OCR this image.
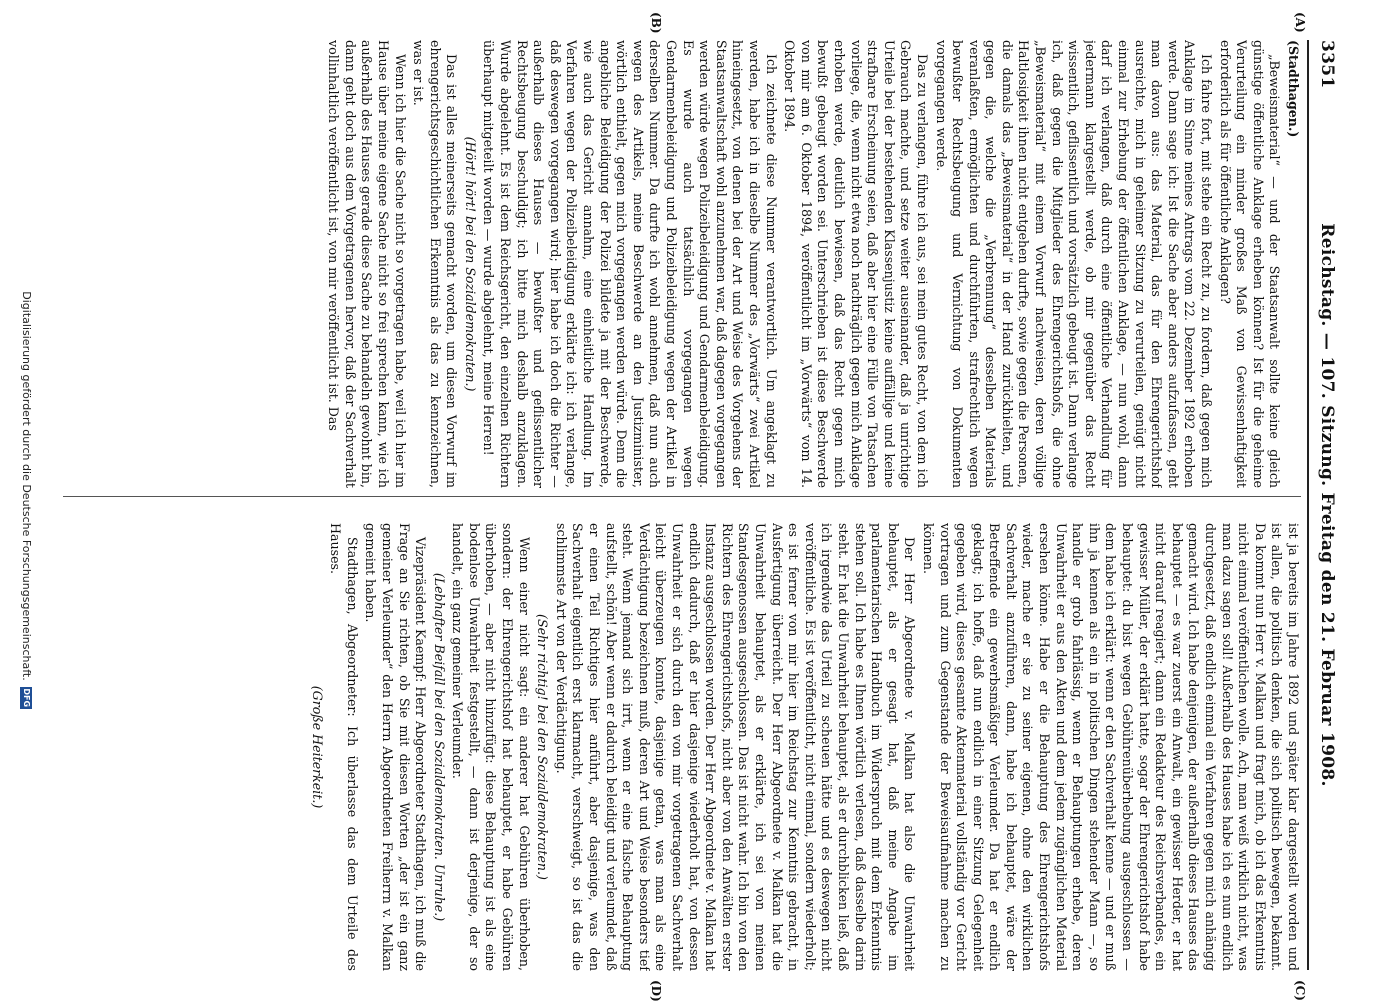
3351
Reichstag. — 107. Sitzung. Freitag den 21. Februar 1908.
(A)
(B)
(C)
(D)

(Stadthagen.)

„Beweismaterial“ — und der Staatsanwalt sollte keine gleich günstige öffentliche Anklage erheben können? Ist für die geheime Verurteilung ein minder großes Maß von Gewissenhaftigkeit erforderlich als für öffentliche Anklagen?

Ich fahre fort, mit stehe ein Recht zu, zu fordern, daß gegen mich Anklage im Sinne meines Antrags vom 22. Dezember 1892 erhoben werde. Dann sage ich: Ist die Sache aber anders aufzufassen, geht man davon aus: das Material, das für den Ehrengerichtshof ausreichte, mich in geheimer Sitzung zu verurteilen, genügt nicht einmal zur Erhebung der öffentlichen Anklage, — nun wohl, dann darf ich verlangen, daß durch eine öffentliche Verhandlung für jedermann klargestellt werde, ob mir gegenüber das Recht wissentlich, geflissentlich und vorsätzlich gebeugt ist. Dann verlange ich, daß gegen die Mitglieder des Ehrengerichtshofs, die ohne „Beweismaterial“ mit einem Vorwurf nachweisen, deren völlige Haltlosigkeit ihnen nicht entgehen durfte, sowie gegen die Personen, die damals das „Beweismaterial“ in der Hand zurückhielten, und gegen die, welche die „Verbrennung“ desselben Materials veranlaßten, ermöglichten und durchführten, strafrechtlich wegen bewußter Rechtsbeugung und Vernichtung von Dokumenten vorgegangen werde.

Das zu verlangen, führe ich aus, sei mein gutes Recht, von dem ich Gebrauch machte, und setze weiter auseinander, daß ja unrichtige Urteile bei der bestehenden Klassenjustiz keine auffällige und keine strafbare Erscheinung seien, daß aber hier eine Fülle von Tatsachen vorliege, die, wenn nicht etwa noch nachträglich gegen mich Anklage erhoben werde, deutlich bewiesen, daß das Recht gegen mich bewußt gebeugt worden sei. Unterschrieben ist diese Beschwerde von mir am 6. Oktober 1894, veröffentlicht im „Vorwärts“ vom 14. Oktober 1894.

Ich zeichnete diese Nummer verantwortlich. Um angeklagt zu werden, habe ich in dieselbe Nummer des „Vorwärts“ zwei Artikel hineingesetzt, von denen bei der Art und Weise des Vorgehens der Staatsanwaltschaft wohl anzunehmen war, daß dagegen vorgegangen werden würde wegen Polizeibeleidigung und Gendarmenbeleidigung. Es wurde auch tatsächlich vorgegangen wegen Gendarmenbeleidigung und Polizeibeleidigung wegen der Artikel in derselben Nummer. Da durfte ich wohl annehmen, daß nun auch wegen des Artikels, meine Beschwerde an den Justizminister, wörtlich enthielt, gegen mich vorgegangen werden würde. Denn die angebliche Beleidigung der Polizei bildete ja mit der Beschwerde, wie auch das Gericht annahm, eine einheitliche Handlung. Im Verfahren wegen der Polizeibeleidigung erklärte ich: ich verlange, daß deswegen vorgegangen wird; hier habe ich doch die Richter — außerhalb dieses Hauses — bewußter und geflissentlicher Rechtsbeugung beschuldigt; ich bitte mich deshalb anzuklagen. Wurde abgelehnt. Es ist dem Reichsgericht, den einzelnen Richtern überhaupt mitgeteilt worden — wurde abgelehnt, meine Herren!

(Hört! hört! bei den Sozialdemokraten.)

Das ist alles meinerseits gemacht worden, um diesen Vorwurf im ehrengerichtsgeschichtlichen Erkenntnis als das zu kennzeichnen, was er ist.

Wenn ich hier die Sache nicht so vorgetragen habe, weil ich hier im Hause über meine eigene Sache nicht so frei sprechen kann, wie ich außerhalb des Hauses gerade diese Sache zu behandeln gewohnt bin, dann geht doch aus dem Vorgetragenen hervor, daß der Sachverhalt vollinhaltlich veröffentlicht ist, von mir veröffentlicht ist. Das

ist ja bereits im Jahre 1892 und später klar dargestellt worden und ist allen, die politisch denken, die sich politisch bewegen, bekannt. Da kommt nun Herr v. Malkan und fragt mich, ob ich das Erkenntnis nicht einmal veröffentlichen wolle. Ach, man weiß wirklich nicht, was man dazu sagen soll! Außerhalb des Hauses habe ich es nun endlich durchgesetzt, daß endlich einmal ein Verfahren gegen mich anhängig gemacht wird. Ich habe denjenigen, der außerhalb dieses Hauses das behauptet — es war zuerst ein Anwalt, ein gewisser Herder, er hat nicht darauf reagiert; dann ein Redakteur des Reichsverbandes, ein gewisser Müller, der erklärt hatte, sogar der Ehrengerichtshof habe behauptet: du bist wegen Gebührenüberhebung ausgeschlossen — dem habe ich erklärt: wenn er den Sachverhalt kenne — und er muß ihn ja kennen als ein in politischen Dingen stehender Mann —, so handle er grob fahrlässig, wenn er Behauptungen erhebe, deren Unwahrheit er aus den Akten und dem jedem zugänglichen Material ersehen könne. Habe er die Behauptung des Ehrengerichtshofs wieder, mache er sie zu seiner eigenen, ohne den wirklichen Sachverhalt anzuführen, dann, habe ich behauptet, wäre der Betreffende ein gewerbsmäßiger Verleumder. Da hat er endlich geklagt; ich hoffe, daß nun endlich in einer Sitzung Gelegenheit gegeben wird, dieses gesamte Aktenmaterial vollständig vor Gericht vortragen und zum Gegenstande der Beweisaufnahme machen zu können.

Der Herr Abgeordnete v. Malkan hat also die Unwahrheit behauptet, als er gesagt hat, daß meine Angabe im parlamentarischen Handbuch im Widerspruch mit dem Erkenntnis stehen soll. Ich habe es Ihnen wörtlich verlesen, daß dasselbe darin steht. Er hat die Unwahrheit behauptet, als er durchblicken ließ, daß ich irgendwie das Urteil zu scheuen hätte und es deswegen nicht veröffentliche. Es ist veröffentlicht, nicht einmal, sondern wiederholt; es ist ferner von mir hier im Reichstag zur Kenntnis gebracht, in Ausfertigung überreicht. Der Herr Abgeordnete v. Malkan hat die Unwahrheit behauptet, als er erklärte, ich sei von meinen Standesgenossen ausgeschlossen. Das ist nicht wahr. Ich bin von den Richtern des Ehrengerichtshofs, nicht aber von den Anwälten erster Instanz ausgeschlossen worden. Der Herr Abgeordnete v. Malkan hat endlich dadurch, daß er hier dasjenige wiederholt hat, von dessen Unwahrheit er sich durch den von mir vorgetragenen Sachverhalt leicht überzeugen konnte, dasjenige getan, was man als eine Verdächtigung bezeichnen muß, deren Art und Weise besonders tief steht. Wenn jemand sich irrt, wenn er eine falsche Behauptung aufstellt, schön! Aber wenn er dadurch beleidigt und verleumdet, daß er einen Teil Richtiges hier anführt, aber dasjenige, was den Sachverhalt eigentlich erst klarmacht, verschweigt, so ist das die schlimmste Art von der Verdächtigung.

(Sehr richtig! bei den Sozialdemokraten.)

Wenn einer nicht sagt: ein anderer hat Gebühren überhoben, sondern: der Ehrengerichtshof hat behauptet, er habe Gebühren überhoben, — aber nicht hinzufügt: diese Behauptung ist als eine bodenlose Unwahrheit festgestellt, — dann ist derjenige, der so handelt, ein ganz gemeiner Verleumder.

(Lebhafter Beifall bei den Sozialdemokraten. Unruhe.)

Vizepräsident Kaempf: Herr Abgeordneter Stadthagen, ich muß die Frage an Sie richten, ob Sie mit diesen Worten „der ist ein ganz gemeiner Verleumder“ den Herrn Abgeordneten Freiherrn v. Malkan gemeint haben.

Stadthagen, Abgeordneter: Ich überlasse das dem Urteile des Hauses.

(Große Heiterkeit.)

Digitalisierung gefördert durch die Deutsche Forschungsgemeinschaft.DFG
